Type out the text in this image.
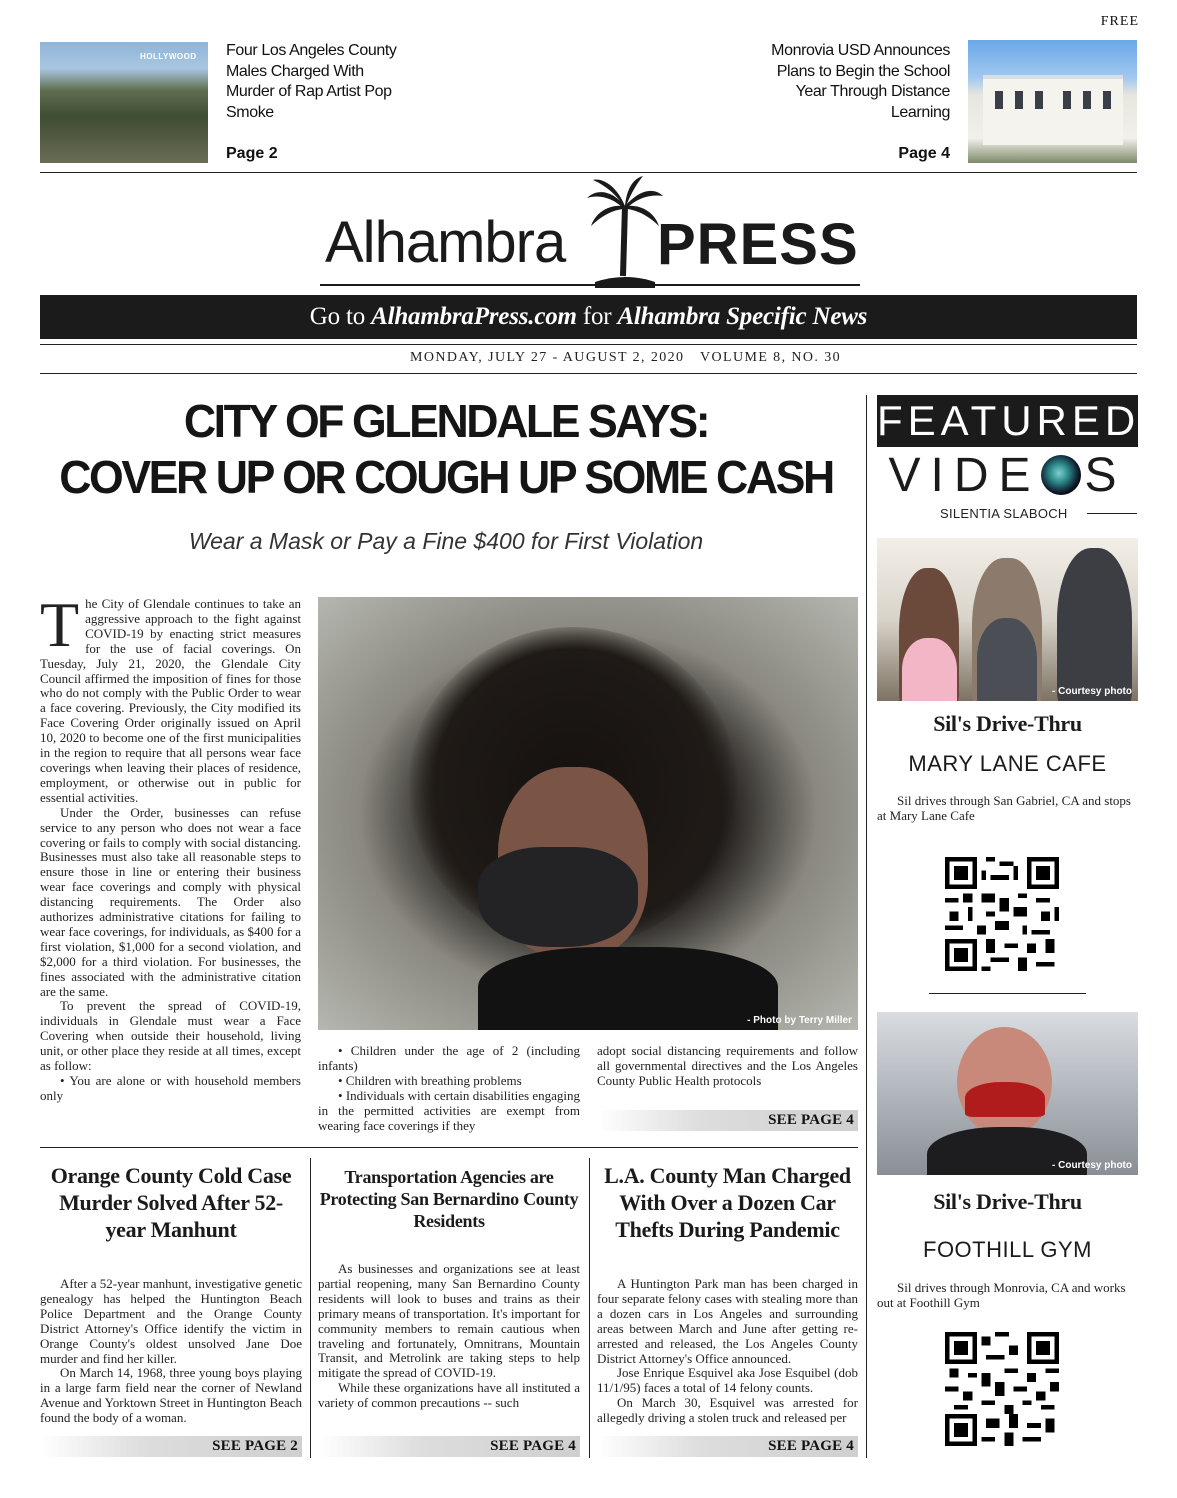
FREE
HOLLYWOOD Four Los Angeles County Males Charged With Murder of Rap Artist Pop Smoke
Page 2
Monrovia USD Announces Plans to Begin the School Year Through Distance Learning
Page 4
Alhambra PRESS
Go to AlhambraPress.com for Alhambra Specific News
MONDAY, JULY 27 - AUGUST 2, 2020 VOLUME 8, NO. 30
CITY OF GLENDALE SAYS:
COVER UP OR COUGH UP SOME CASH
Wear a Mask or Pay a Fine $400 for First Violation

The City of Glendale continues to take an aggressive approach to the fight against COVID-19 by enacting strict measures for the use of facial coverings. On Tuesday, July 21, 2020, the Glendale City Council affirmed the imposition of fines for those who do not comply with the Public Order to wear a face covering. Previously, the City modified its Face Covering Order originally issued on April 10, 2020 to become one of the first municipalities in the region to require that all persons wear face coverings when leaving their places of residence, employment, or otherwise out in public for essential activities.

Under the Order, businesses can refuse service to any person who does not wear a face covering or fails to comply with social distancing. Businesses must also take all reasonable steps to ensure those in line or entering their business wear face coverings and comply with physical distancing requirements. The Order also authorizes administrative citations for failing to wear face coverings, for individuals, as $400 for a first violation, $1,000 for a second violation, and $2,000 for a third violation. For businesses, the fines associated with the administrative citation are the same.

To prevent the spread of COVID-19, individuals in Glendale must wear a Face Covering when outside their household, living unit, or other place they reside at all times, except as follow:

• You are alone or with household members only

- Photo by Terry Miller

• Children under the age of 2 (including infants)

• Children with breathing problems

• Individuals with certain disabilities engaging in the permitted activities are exempt from wearing face coverings if they

adopt social distancing requirements and follow all governmental directives and the Los Angeles County Public Health protocols

SEE PAGE 4
Orange County Cold Case Murder Solved After 52-year Manhunt

After a 52-year manhunt, investigative genetic genealogy has helped the Huntington Beach Police Department and the Orange County District Attorney's Office identify the victim in Orange County's oldest unsolved Jane Doe murder and find her killer.

On March 14, 1968, three young boys playing in a large farm field near the corner of Newland Avenue and Yorktown Street in Huntington Beach found the body of a woman.

SEE PAGE 2
Transportation Agencies are Protecting San Bernardino County Residents

As businesses and organizations see at least partial reopening, many San Bernardino County residents will look to buses and trains as their primary means of transportation. It's important for community members to remain cautious when traveling and fortunately, Omnitrans, Mountain Transit, and Metrolink are taking steps to help mitigate the spread of COVID-19.

While these organizations have all instituted a variety of common precautions -- such

SEE PAGE 4
L.A. County Man Charged With Over a Dozen Car Thefts During Pandemic

A Huntington Park man has been charged in four separate felony cases with stealing more than a dozen cars in Los Angeles and surrounding areas between March and June after getting re-arrested and released, the Los Angeles County District Attorney's Office announced.

Jose Enrique Esquivel aka Jose Esquibel (dob 11/1/95) faces a total of 14 felony counts.

On March 30, Esquivel was arrested for allegedly driving a stolen truck and released per

SEE PAGE 4
FEATURED
VIDE S
SILENTIA SLABOCH
- Courtesy photo
Sil's Drive-Thru
MARY LANE CAFE
Sil drives through San Gabriel, CA and stops at Mary Lane Cafe
- Courtesy photo
Sil's Drive-Thru
FOOTHILL GYM
Sil drives through Monrovia, CA and works out at Foothill Gym
